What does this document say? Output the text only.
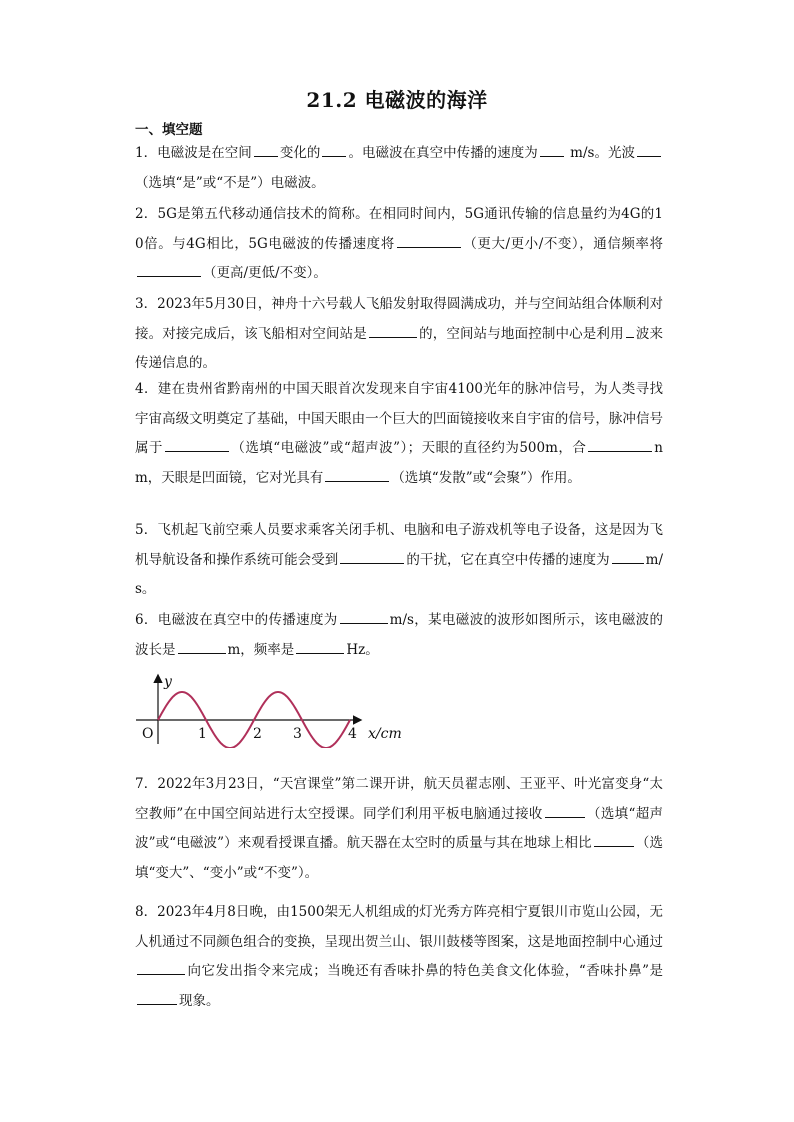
21.2 电磁波的海洋
一、填空题
1．电磁波是在空间 变化的 。电磁波在真空中传播的速度为 m/s。光波（选填“是”或“不是”）电磁波。
2．5G是第五代移动通信技术的简称。在相同时间内，5G通讯传输的信息量约为4G的10倍。与4G相比，5G电磁波的传播速度将	（更大/更小/不变），通信频率将（更高/更低/不变）。
3．2023年5月30日，神舟十六号载人飞船发射取得圆满成功，并与空间站组合体顺利对接。对接完成后，该飞船相对空间站是	的，空间站与地面控制中心是利用 波来传递信息的。
4．建在贵州省黔南州的中国天眼首次发现来自宇宙4100光年的脉冲信号，为人类寻找宇宙高级文明奠定了基础，中国天眼由一个巨大的凹面镜接收来自宇宙的信号，脉冲信号属于	（选填“电磁波”或“超声波”）；天眼的直径约为500m，合	nm，天眼是凹面镜，它对光具有	（选填“发散”或“会聚”）作用。
5．飞机起飞前空乘人员要求乘客关闭手机、电脑和电子游戏机等电子设备，这是因为飞机导航设备和操作系统可能会受到	的干扰，它在真空中传播的速度为	m/s。
6．电磁波在真空中的传播速度为	m/s，某电磁波的波形如图所示，该电磁波的波长是	m，频率是	Hz。
y
O	1	2 3	4 x/cm
7．2022年3月23日，“天宫课堂”第二课开讲，航天员翟志刚、王亚平、叶光富变身“太空教师”在中国空间站进行太空授课。同学们利用平板电脑通过接收	（选填“超声波”或“电磁波”）来观看授课直播。航天器在太空时的质量与其在地球上相比	（选填“变大”、“变小”或“不变”）。
8．2023年4月8日晚，由1500架无人机组成的灯光秀方阵亮相宁夏银川市览山公园，无人机通过不同颜色组合的变换，呈现出贺兰山、银川鼓楼等图案，这是地面控制中心通过 向它发出指令来完成；当晚还有香味扑鼻的特色美食文化体验，“香味扑鼻”是 现象。
